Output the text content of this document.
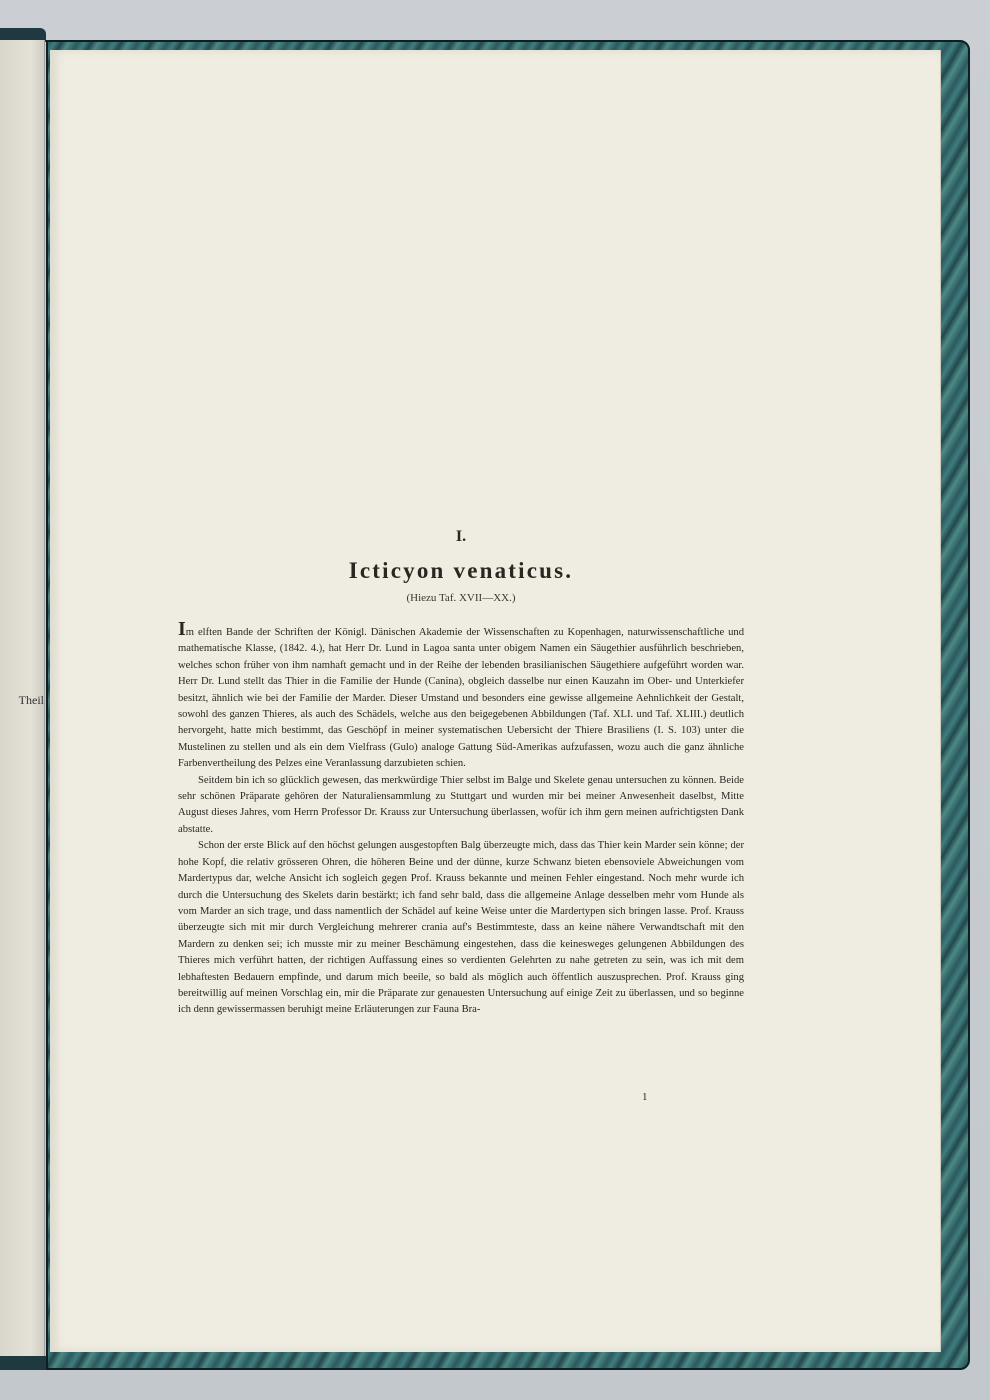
Theil
I.
Icticyon venaticus.
(Hiezu Taf. XVII—XX.)

Im elften Bande der Schriften der Königl. Dänischen Akademie der Wissenschaften zu Kopenhagen, naturwissenschaftliche und mathematische Klasse, (1842. 4.), hat Herr Dr. Lund in Lagoa santa unter obigem Namen ein Säugethier ausführlich beschrieben, welches schon früher von ihm namhaft gemacht und in der Reihe der lebenden brasilianischen Säugethiere aufgeführt worden war. Herr Dr. Lund stellt das Thier in die Familie der Hunde (Canina), obgleich dasselbe nur einen Kauzahn im Ober- und Unterkiefer besitzt, ähnlich wie bei der Familie der Marder. Dieser Umstand und besonders eine gewisse allgemeine Aehnlichkeit der Gestalt, sowohl des ganzen Thieres, als auch des Schädels, welche aus den beigegebenen Abbildungen (Taf. XLI. und Taf. XLIII.) deutlich hervorgeht, hatte mich bestimmt, das Geschöpf in meiner systematischen Uebersicht der Thiere Brasiliens (I. S. 103) unter die Mustelinen zu stellen und als ein dem Vielfrass (Gulo) analoge Gattung Süd-Amerikas aufzufassen, wozu auch die ganz ähnliche Farbenvertheilung des Pelzes eine Veranlassung darzubieten schien.

Seitdem bin ich so glücklich gewesen, das merkwürdige Thier selbst im Balge und Skelete genau untersuchen zu können. Beide sehr schönen Präparate gehören der Naturaliensammlung zu Stuttgart und wurden mir bei meiner Anwesenheit daselbst, Mitte August dieses Jahres, vom Herrn Professor Dr. Krauss zur Untersuchung überlassen, wofür ich ihm gern meinen aufrichtigsten Dank abstatte.

Schon der erste Blick auf den höchst gelungen ausgestopften Balg überzeugte mich, dass das Thier kein Marder sein könne; der hohe Kopf, die relativ grösseren Ohren, die höheren Beine und der dünne, kurze Schwanz bieten ebensoviele Abweichungen vom Mardertypus dar, welche Ansicht ich sogleich gegen Prof. Krauss bekannte und meinen Fehler eingestand. Noch mehr wurde ich durch die Untersuchung des Skelets darin bestärkt; ich fand sehr bald, dass die allgemeine Anlage desselben mehr vom Hunde als vom Marder an sich trage, und dass namentlich der Schädel auf keine Weise unter die Mardertypen sich bringen lasse. Prof. Krauss überzeugte sich mit mir durch Vergleichung mehrerer crania auf's Bestimmteste, dass an keine nähere Verwandtschaft mit den Mardern zu denken sei; ich musste mir zu meiner Beschämung eingestehen, dass die keinesweges gelungenen Abbildungen des Thieres mich verführt hatten, der richtigen Auffassung eines so verdienten Gelehrten zu nahe getreten zu sein, was ich mit dem lebhaftesten Bedauern empfinde, und darum mich beeile, so bald als möglich auch öffentlich auszusprechen. Prof. Krauss ging bereitwillig auf meinen Vorschlag ein, mir die Präparate zur genauesten Untersuchung auf einige Zeit zu überlassen, und so beginne ich denn gewissermassen beruhigt meine Erläuterungen zur Fauna Bra-

1
